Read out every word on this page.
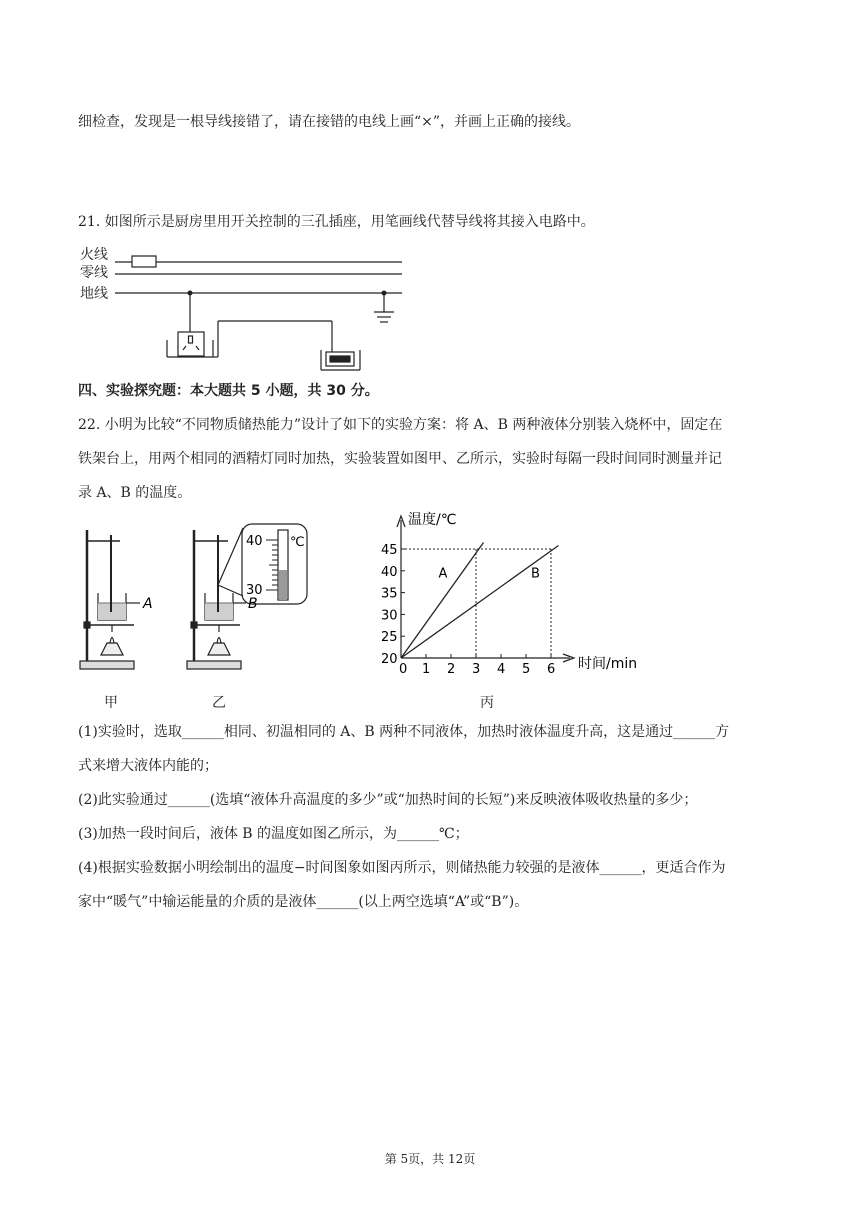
细检查，发现是一根导线接错了，请在接错的电线上画“×”，并画上正确的接线。
21. 如图所示是厨房里用开关控制的三孔插座，用笔画线代替导线将其接入电路中。
火线
零线
地线
四、实验探究题：本大题共 5 小题，共 30 分。
22. 小明为比较“不同物质储热能力”设计了如下的实验方案：将 A、B 两种液体分别装入烧杯中，固定在
铁架台上，用两个相同的酒精灯同时加热，实验装置如图甲、乙所示，实验时每隔一段时间同时测量并记
录 A、B 的温度。
40
30
℃
A	B
甲	乙	丙
0 1 2 3 4 5 6
20
25
30
35
40
45
A	B
温度/℃
时间/min
(1)实验时，选取______相同、初温相同的 A、B 两种不同液体，加热时液体温度升高，这是通过______方
式来增大液体内能的；
(2)此实验通过______(选填“液体升高温度的多少”或“加热时间的长短”)来反映液体吸收热量的多少；
(3)加热一段时间后，液体 B 的温度如图乙所示，为______℃；
(4)根据实验数据小明绘制出的温度−时间图象如图丙所示，则储热能力较强的是液体______，更适合作为
家中“暖气”中输运能量的介质的是液体______(以上两空选填“A”或“B”)。
第 5页，共 12页
